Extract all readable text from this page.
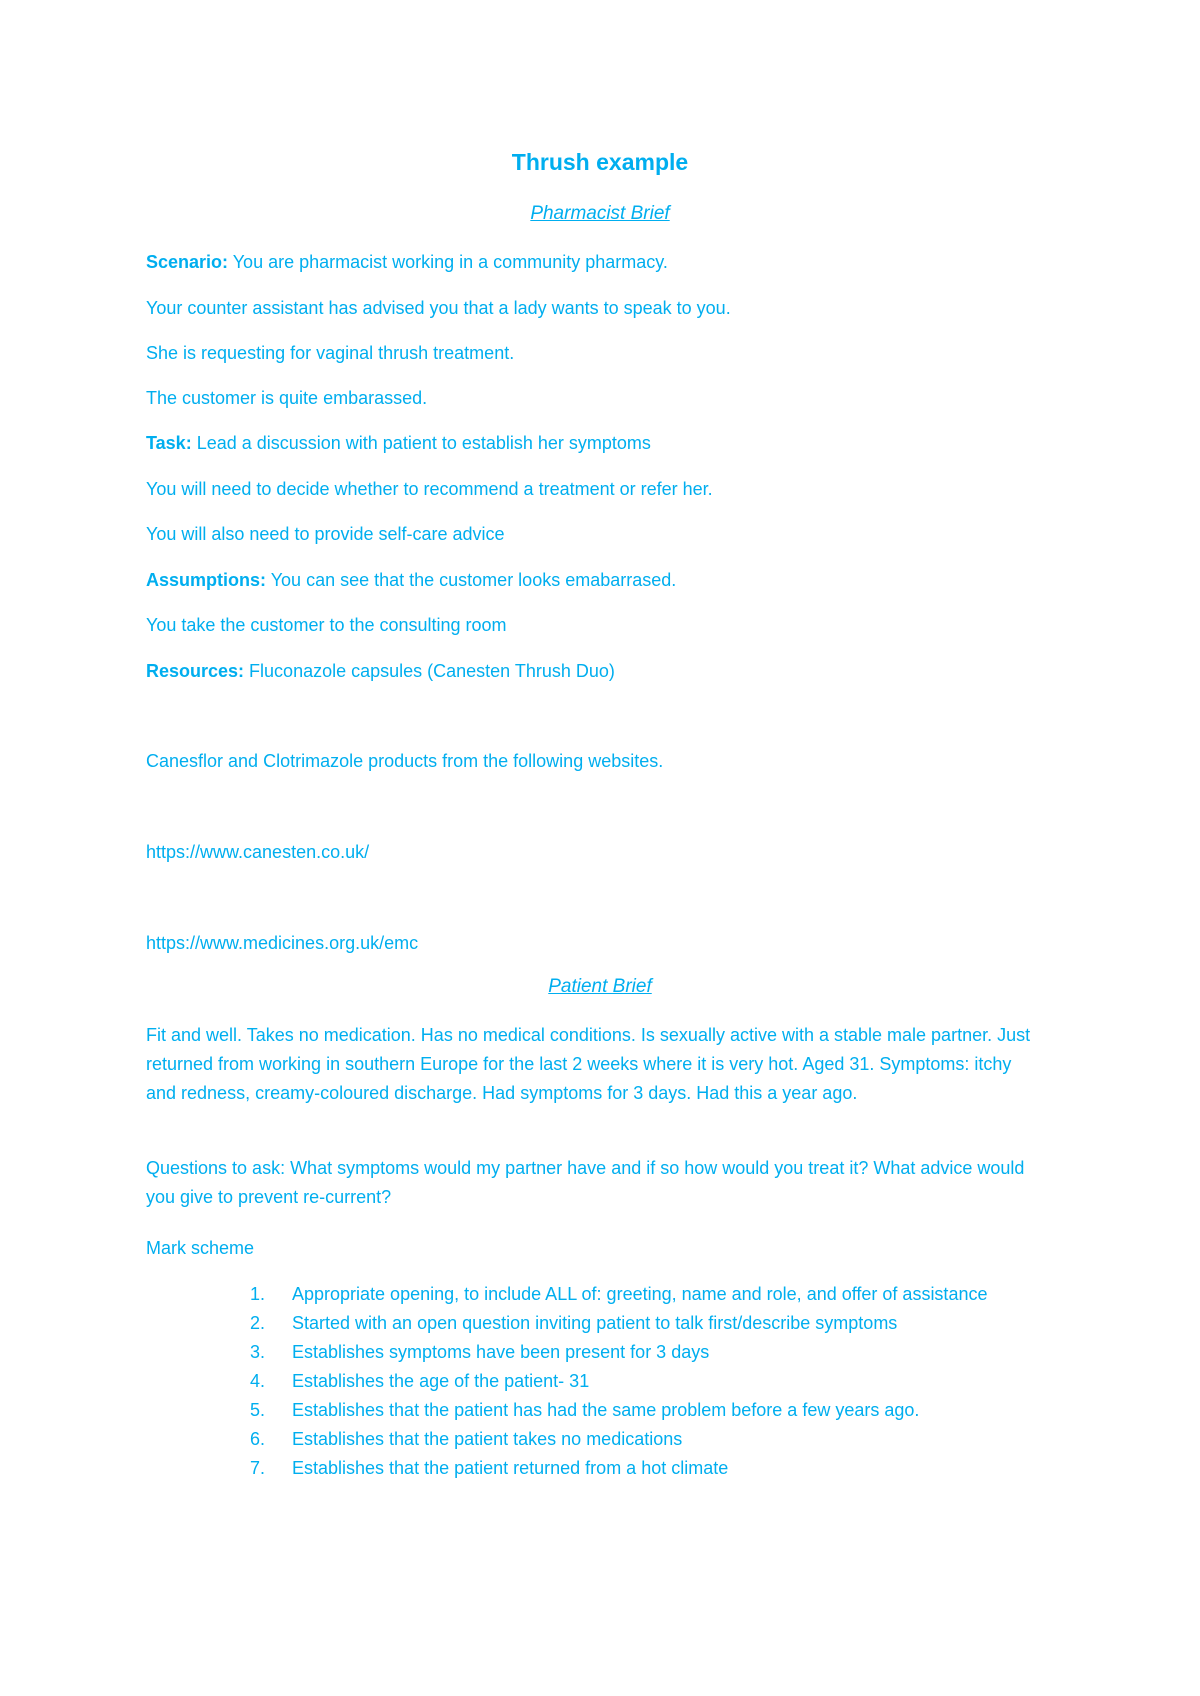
Thrush example
Pharmacist Brief
Scenario: You are pharmacist working in a community pharmacy.
Your counter assistant has advised you that a lady wants to speak to you.
She is requesting for vaginal thrush treatment.
The customer is quite embarassed.
Task: Lead a discussion with patient to establish her symptoms
You will need to decide whether to recommend a treatment or refer her.
You will also need to provide self-care advice
Assumptions: You can see that the customer looks emabarrased.
You take the customer to the consulting room
Resources: Fluconazole capsules (Canesten Thrush Duo)
Canesflor and Clotrimazole products from the following websites.
https://www.canesten.co.uk/
https://www.medicines.org.uk/emc
Patient Brief
Fit and well. Takes no medication. Has no medical conditions. Is sexually active with a stable male partner. Just returned from working in southern Europe for the last 2 weeks where it is very hot. Aged 31. Symptoms: itchy and redness, creamy-coloured discharge. Had symptoms for 3 days. Had this a year ago.
Questions to ask: What symptoms would my partner have and if so how would you treat it? What advice would you give to prevent re-current?
Mark scheme
1. Appropriate opening, to include ALL of: greeting, name and role, and offer of assistance
2. Started with an open question inviting patient to talk first/describe symptoms
3. Establishes symptoms have been present for 3 days
4. Establishes the age of the patient- 31
5. Establishes that the patient has had the same problem before a few years ago.
6. Establishes that the patient takes no medications
7. Establishes that the patient returned from a hot climate
